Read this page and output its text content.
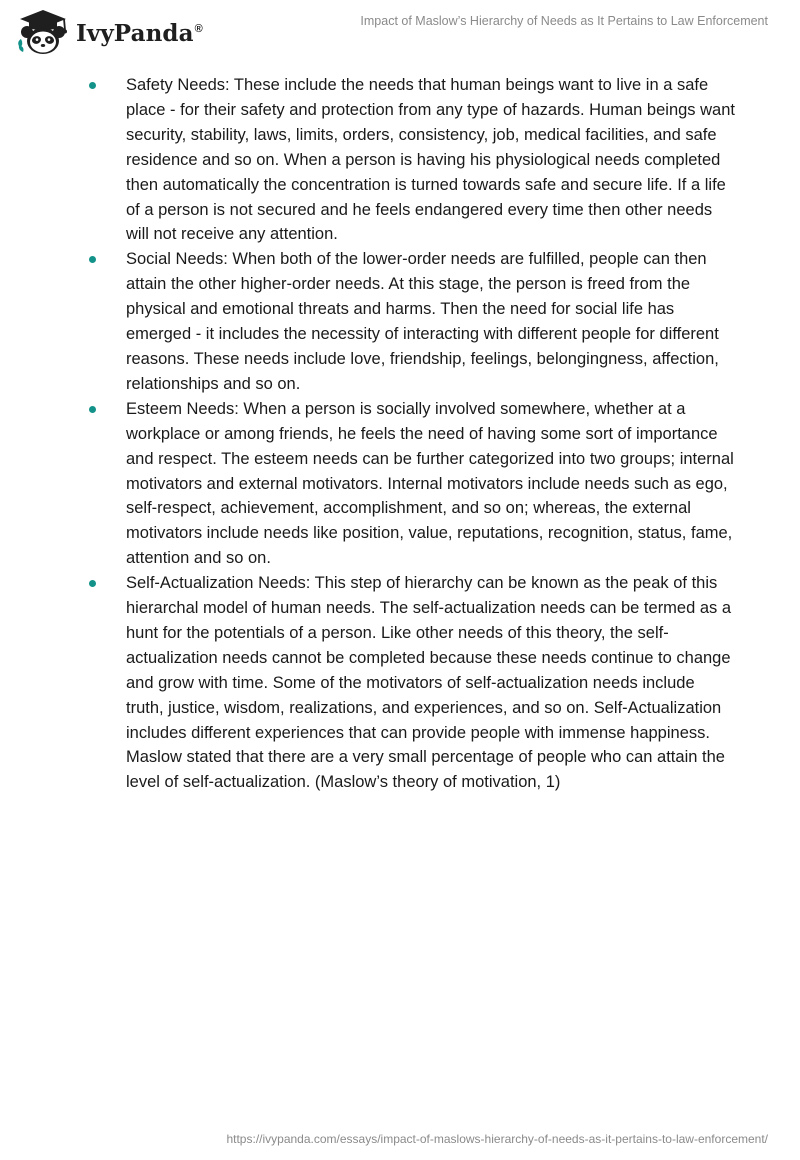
IvyPanda®
Impact of Maslow’s Hierarchy of Needs as It Pertains to Law Enforcement
Safety Needs: These include the needs that human beings want to live in a safe place - for their safety and protection from any type of hazards. Human beings want security, stability, laws, limits, orders, consistency, job, medical facilities, and safe residence and so on. When a person is having his physiological needs completed then automatically the concentration is turned towards safe and secure life. If a life of a person is not secured and he feels endangered every time then other needs will not receive any attention.
Social Needs: When both of the lower-order needs are fulfilled, people can then attain the other higher-order needs. At this stage, the person is freed from the physical and emotional threats and harms. Then the need for social life has emerged - it includes the necessity of interacting with different people for different reasons. These needs include love, friendship, feelings, belongingness, affection, relationships and so on.
Esteem Needs: When a person is socially involved somewhere, whether at a workplace or among friends, he feels the need of having some sort of importance and respect. The esteem needs can be further categorized into two groups; internal motivators and external motivators. Internal motivators include needs such as ego, self-respect, achievement, accomplishment, and so on; whereas, the external motivators include needs like position, value, reputations, recognition, status, fame, attention and so on.
Self-Actualization Needs: This step of hierarchy can be known as the peak of this hierarchal model of human needs. The self-actualization needs can be termed as a hunt for the potentials of a person. Like other needs of this theory, the self-actualization needs cannot be completed because these needs continue to change and grow with time. Some of the motivators of self-actualization needs include truth, justice, wisdom, realizations, and experiences, and so on. Self-Actualization includes different experiences that can provide people with immense happiness. Maslow stated that there are a very small percentage of people who can attain the level of self-actualization. (Maslow’s theory of motivation, 1)
https://ivypanda.com/essays/impact-of-maslows-hierarchy-of-needs-as-it-pertains-to-law-enforcement/
